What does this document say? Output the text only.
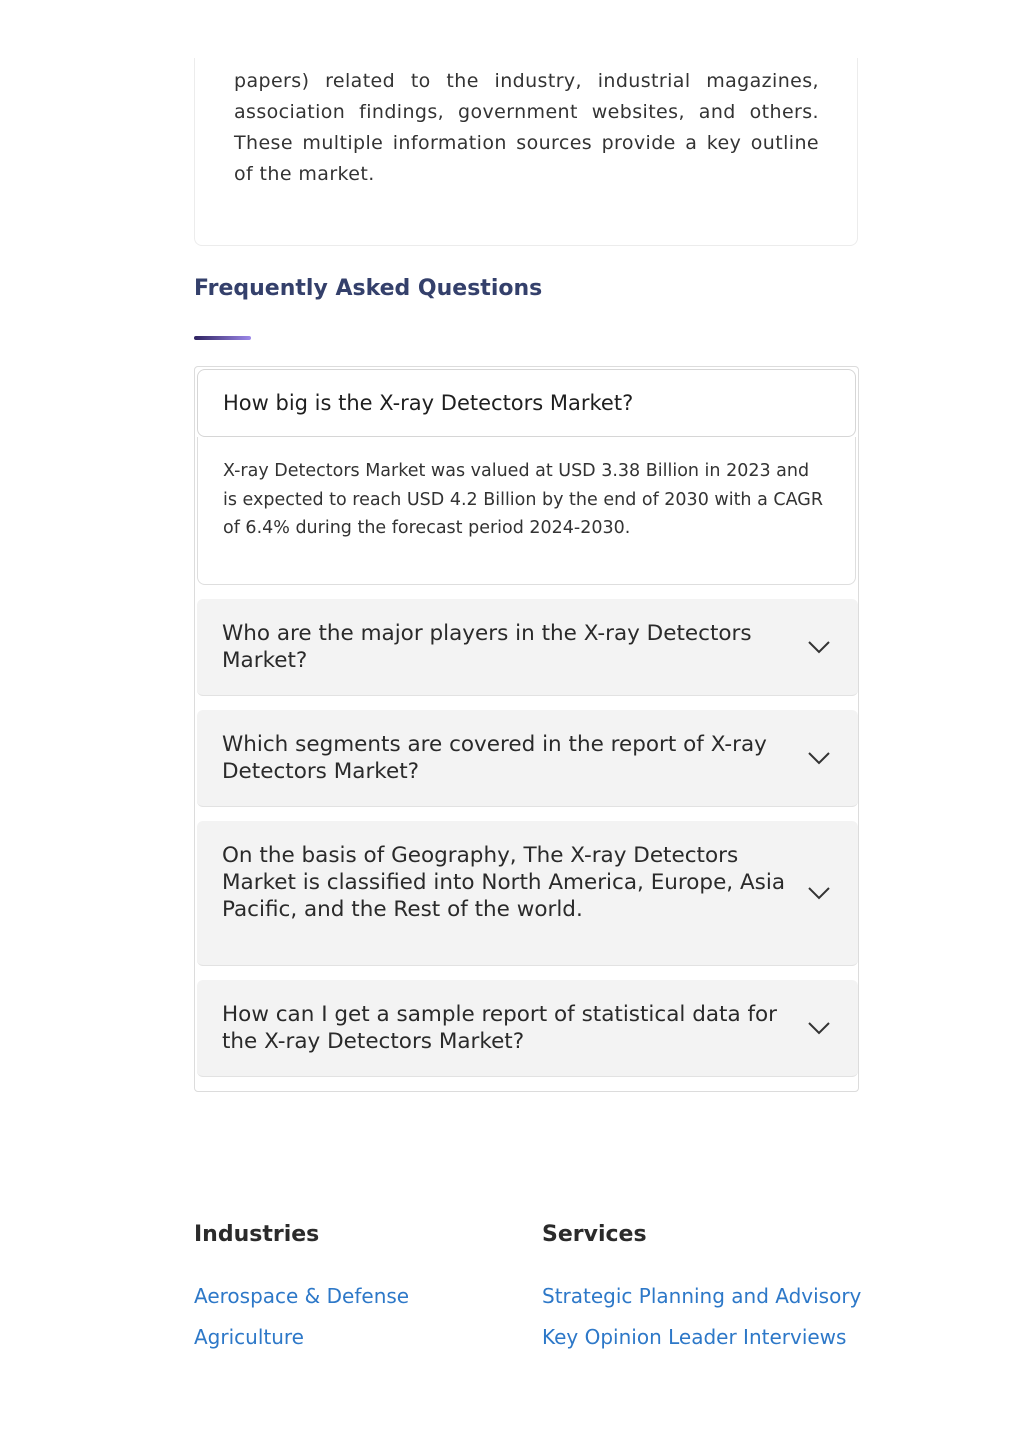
papers) related to the industry, industrial magazines, association findings, government websites, and others. These multiple information sources provide a key outline of the market.

Frequently Asked Questions
How big is the X-ray Detectors Market?

X-ray Detectors Market was valued at USD 3.38 Billion in 2023 and is expected to reach USD 4.2 Billion by the end of 2030 with a CAGR of 6.4% during the forecast period 2024-2030.

Who are the major players in the X-ray Detectors Market?
Which segments are covered in the report of X-ray Detectors Market?
On the basis of Geography, The X-ray Detectors Market is classified into North America, Europe, Asia Pacific, and the Rest of the world.
How can I get a sample report of statistical data for the X-ray Detectors Market?
Industries
Aerospace & Defense
Agriculture
Services
Strategic Planning and Advisory
Key Opinion Leader Interviews
